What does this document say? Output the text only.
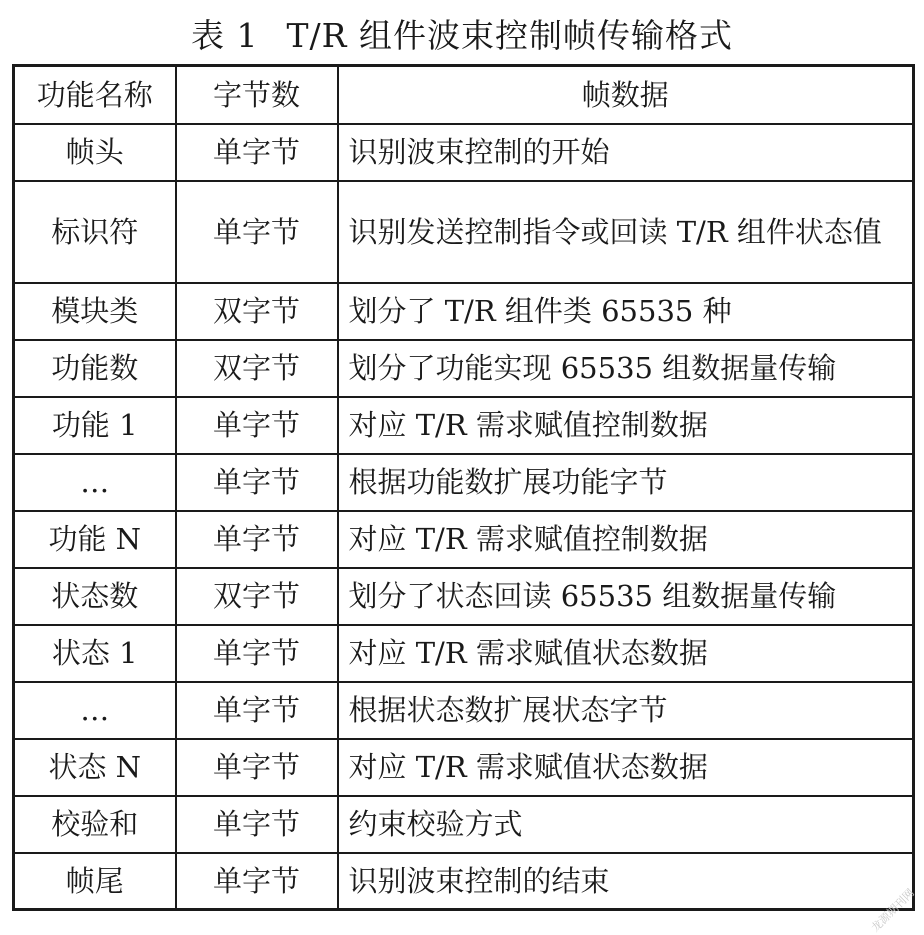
表 1 T/R 组件波束控制帧传输格式
功能名称	字节数	帧数据
帧头	单字节	识别波束控制的开始
标识符	单字节	识别发送控制指令或回读 T/R 组件状态值
模块类	双字节	划分了 T/R 组件类 65535 种
功能数	双字节	划分了功能实现 65535 组数据量传输
功能 1	单字节	对应 T/R 需求赋值控制数据
…	单字节	根据功能数扩展功能字节
功能 N	单字节	对应 T/R 需求赋值控制数据
状态数	双字节	划分了状态回读 65535 组数据量传输
状态 1	单字节	对应 T/R 需求赋值状态数据
…	单字节	根据状态数扩展状态字节
状态 N	单字节	对应 T/R 需求赋值状态数据
校验和	单字节	约束校验方式
帧尾	单字节	识别波束控制的结束
龙源期刊网
